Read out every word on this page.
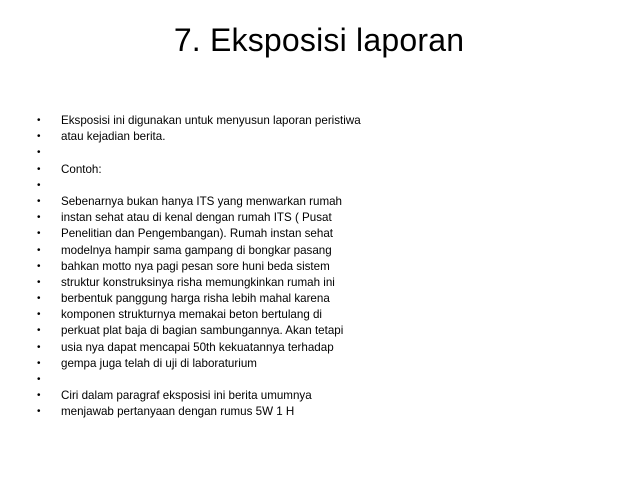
7. Eksposisi laporan
•	Eksposisi ini digunakan untuk menyusun laporan peristiwa
•	atau kejadian berita.
•
•	Contoh:
•
•	Sebenarnya bukan hanya ITS yang menwarkan rumah
•	instan sehat atau di kenal dengan rumah ITS ( Pusat
•	Penelitian dan Pengembangan). Rumah instan sehat
•	modelnya hampir sama gampang di bongkar pasang
•	bahkan motto nya pagi pesan sore huni beda sistem
•	struktur konstruksinya risha memungkinkan rumah ini
•	berbentuk panggung harga risha lebih mahal karena
•	komponen strukturnya memakai beton bertulang di
•	perkuat plat baja di bagian sambungannya. Akan tetapi
•	usia nya dapat mencapai 50th kekuatannya terhadap
•	gempa juga telah di uji di laboraturium
•
•	Ciri dalam paragraf eksposisi ini berita umumnya
•	menjawab pertanyaan dengan rumus 5W 1 H
